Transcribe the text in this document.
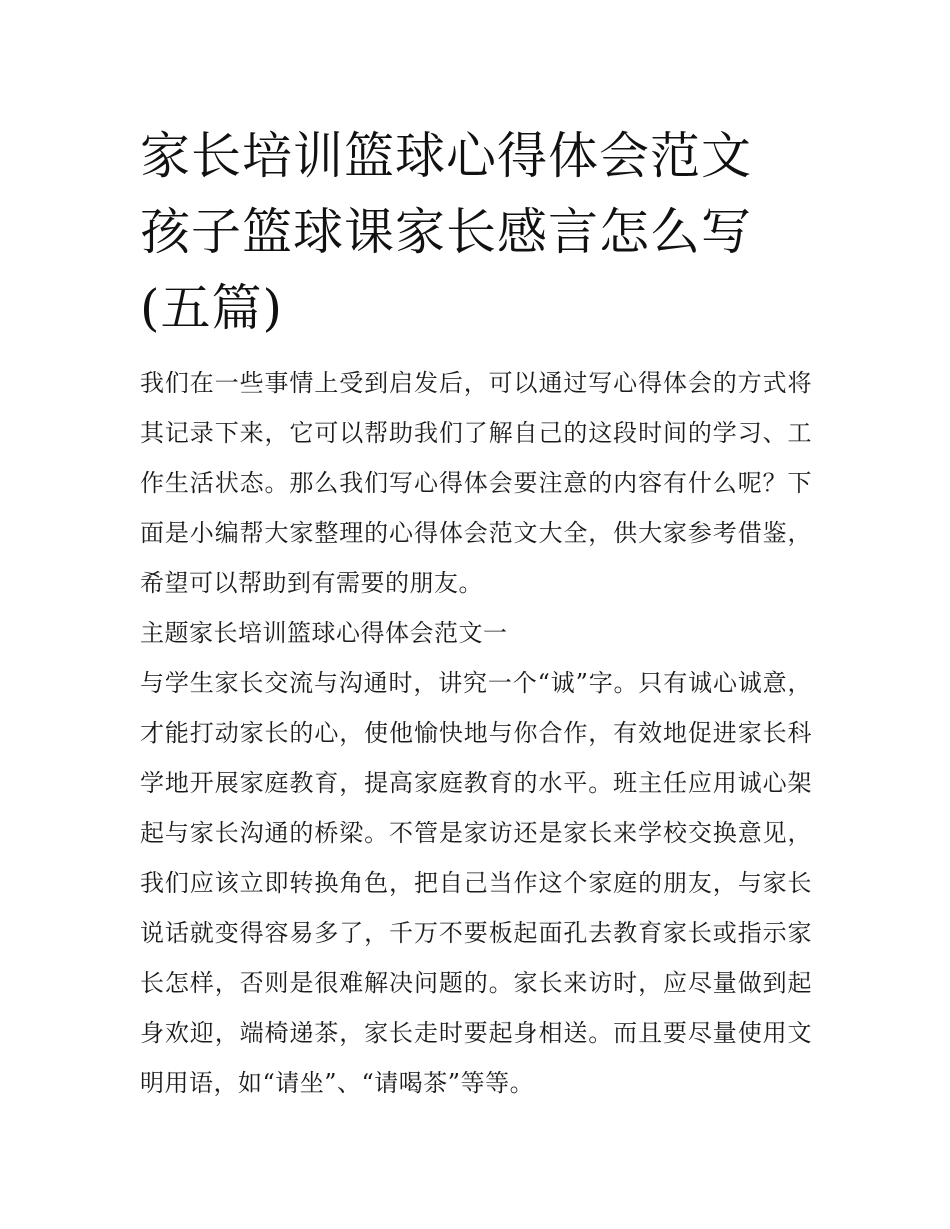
家长培训篮球心得体会范文 孩子篮球课家长感言怎么写(五篇)

我们在一些事情上受到启发后，可以通过写心得体会的方式将其记录下来，它可以帮助我们了解自己的这段时间的学习、工作生活状态。那么我们写心得体会要注意的内容有什么呢？下面是小编帮大家整理的心得体会范文大全，供大家参考借鉴，希望可以帮助到有需要的朋友。

主题家长培训篮球心得体会范文一

与学生家长交流与沟通时，讲究一个“诚”字。只有诚心诚意，才能打动家长的心，使他愉快地与你合作，有效地促进家长科学地开展家庭教育，提高家庭教育的水平。班主任应用诚心架起与家长沟通的桥梁。不管是家访还是家长来学校交换意见，我们应该立即转换角色，把自己当作这个家庭的朋友，与家长说话就变得容易多了，千万不要板起面孔去教育家长或指示家长怎样，否则是很难解决问题的。家长来访时，应尽量做到起身欢迎，端椅递茶，家长走时要起身相送。而且要尽量使用文明用语，如“请坐”、“请喝茶”等等。
